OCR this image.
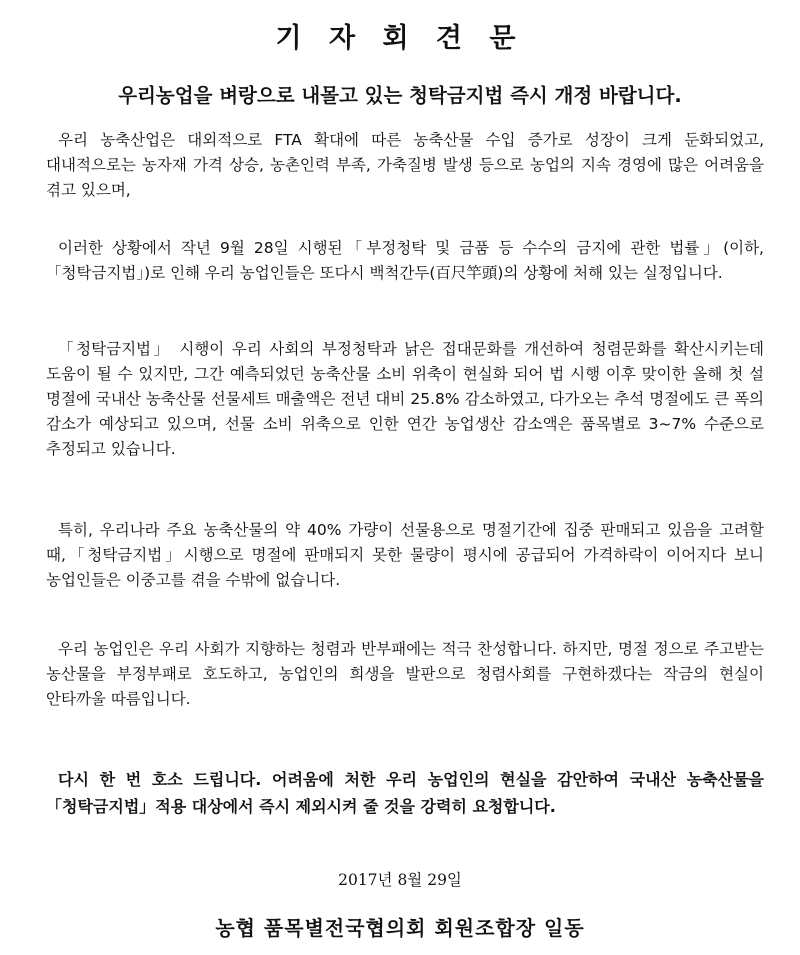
기 자 회 견 문
우리농업을 벼랑으로 내몰고 있는 청탁금지법 즉시 개정 바랍니다.

우리 농축산업은 대외적으로 FTA 확대에 따른 농축산물 수입 증가로 성장이 크게 둔화되었고, 대내적으로는 농자재 가격 상승, 농촌인력 부족, 가축질병 발생 등으로 농업의 지속 경영에 많은 어려움을 겪고 있으며,

이러한 상황에서 작년 9월 28일 시행된「부정청탁 및 금품 등 수수의 금지에 관한 법률」(이하, 「청탁금지법」)로 인해 우리 농업인들은 또다시 백척간두(百尺竿頭)의 상황에 처해 있는 실정입니다.

「청탁금지법」 시행이 우리 사회의 부정청탁과 낡은 접대문화를 개선하여 청렴문화를 확산시키는데 도움이 될 수 있지만, 그간 예측되었던 농축산물 소비 위축이 현실화 되어 법 시행 이후 맞이한 올해 첫 설 명절에 국내산 농축산물 선물세트 매출액은 전년 대비 25.8% 감소하였고, 다가오는 추석 명절에도 큰 폭의 감소가 예상되고 있으며, 선물 소비 위축으로 인한 연간 농업생산 감소액은 품목별로 3~7% 수준으로 추정되고 있습니다.

특히, 우리나라 주요 농축산물의 약 40% 가량이 선물용으로 명절기간에 집중 판매되고 있음을 고려할 때,「청탁금지법」시행으로 명절에 판매되지 못한 물량이 평시에 공급되어 가격하락이 이어지다 보니 농업인들은 이중고를 겪을 수밖에 없습니다.

우리 농업인은 우리 사회가 지향하는 청렴과 반부패에는 적극 찬성합니다. 하지만, 명절 정으로 주고받는 농산물을 부정부패로 호도하고, 농업인의 희생을 발판으로 청렴사회를 구현하겠다는 작금의 현실이 안타까울 따름입니다.

다시 한 번 호소 드립니다. 어려움에 처한 우리 농업인의 현실을 감안하여 국내산 농축산물을「청탁금지법」적용 대상에서 즉시 제외시켜 줄 것을 강력히 요청합니다.

2017년 8월 29일

농협 품목별전국협의회 회원조합장 일동
